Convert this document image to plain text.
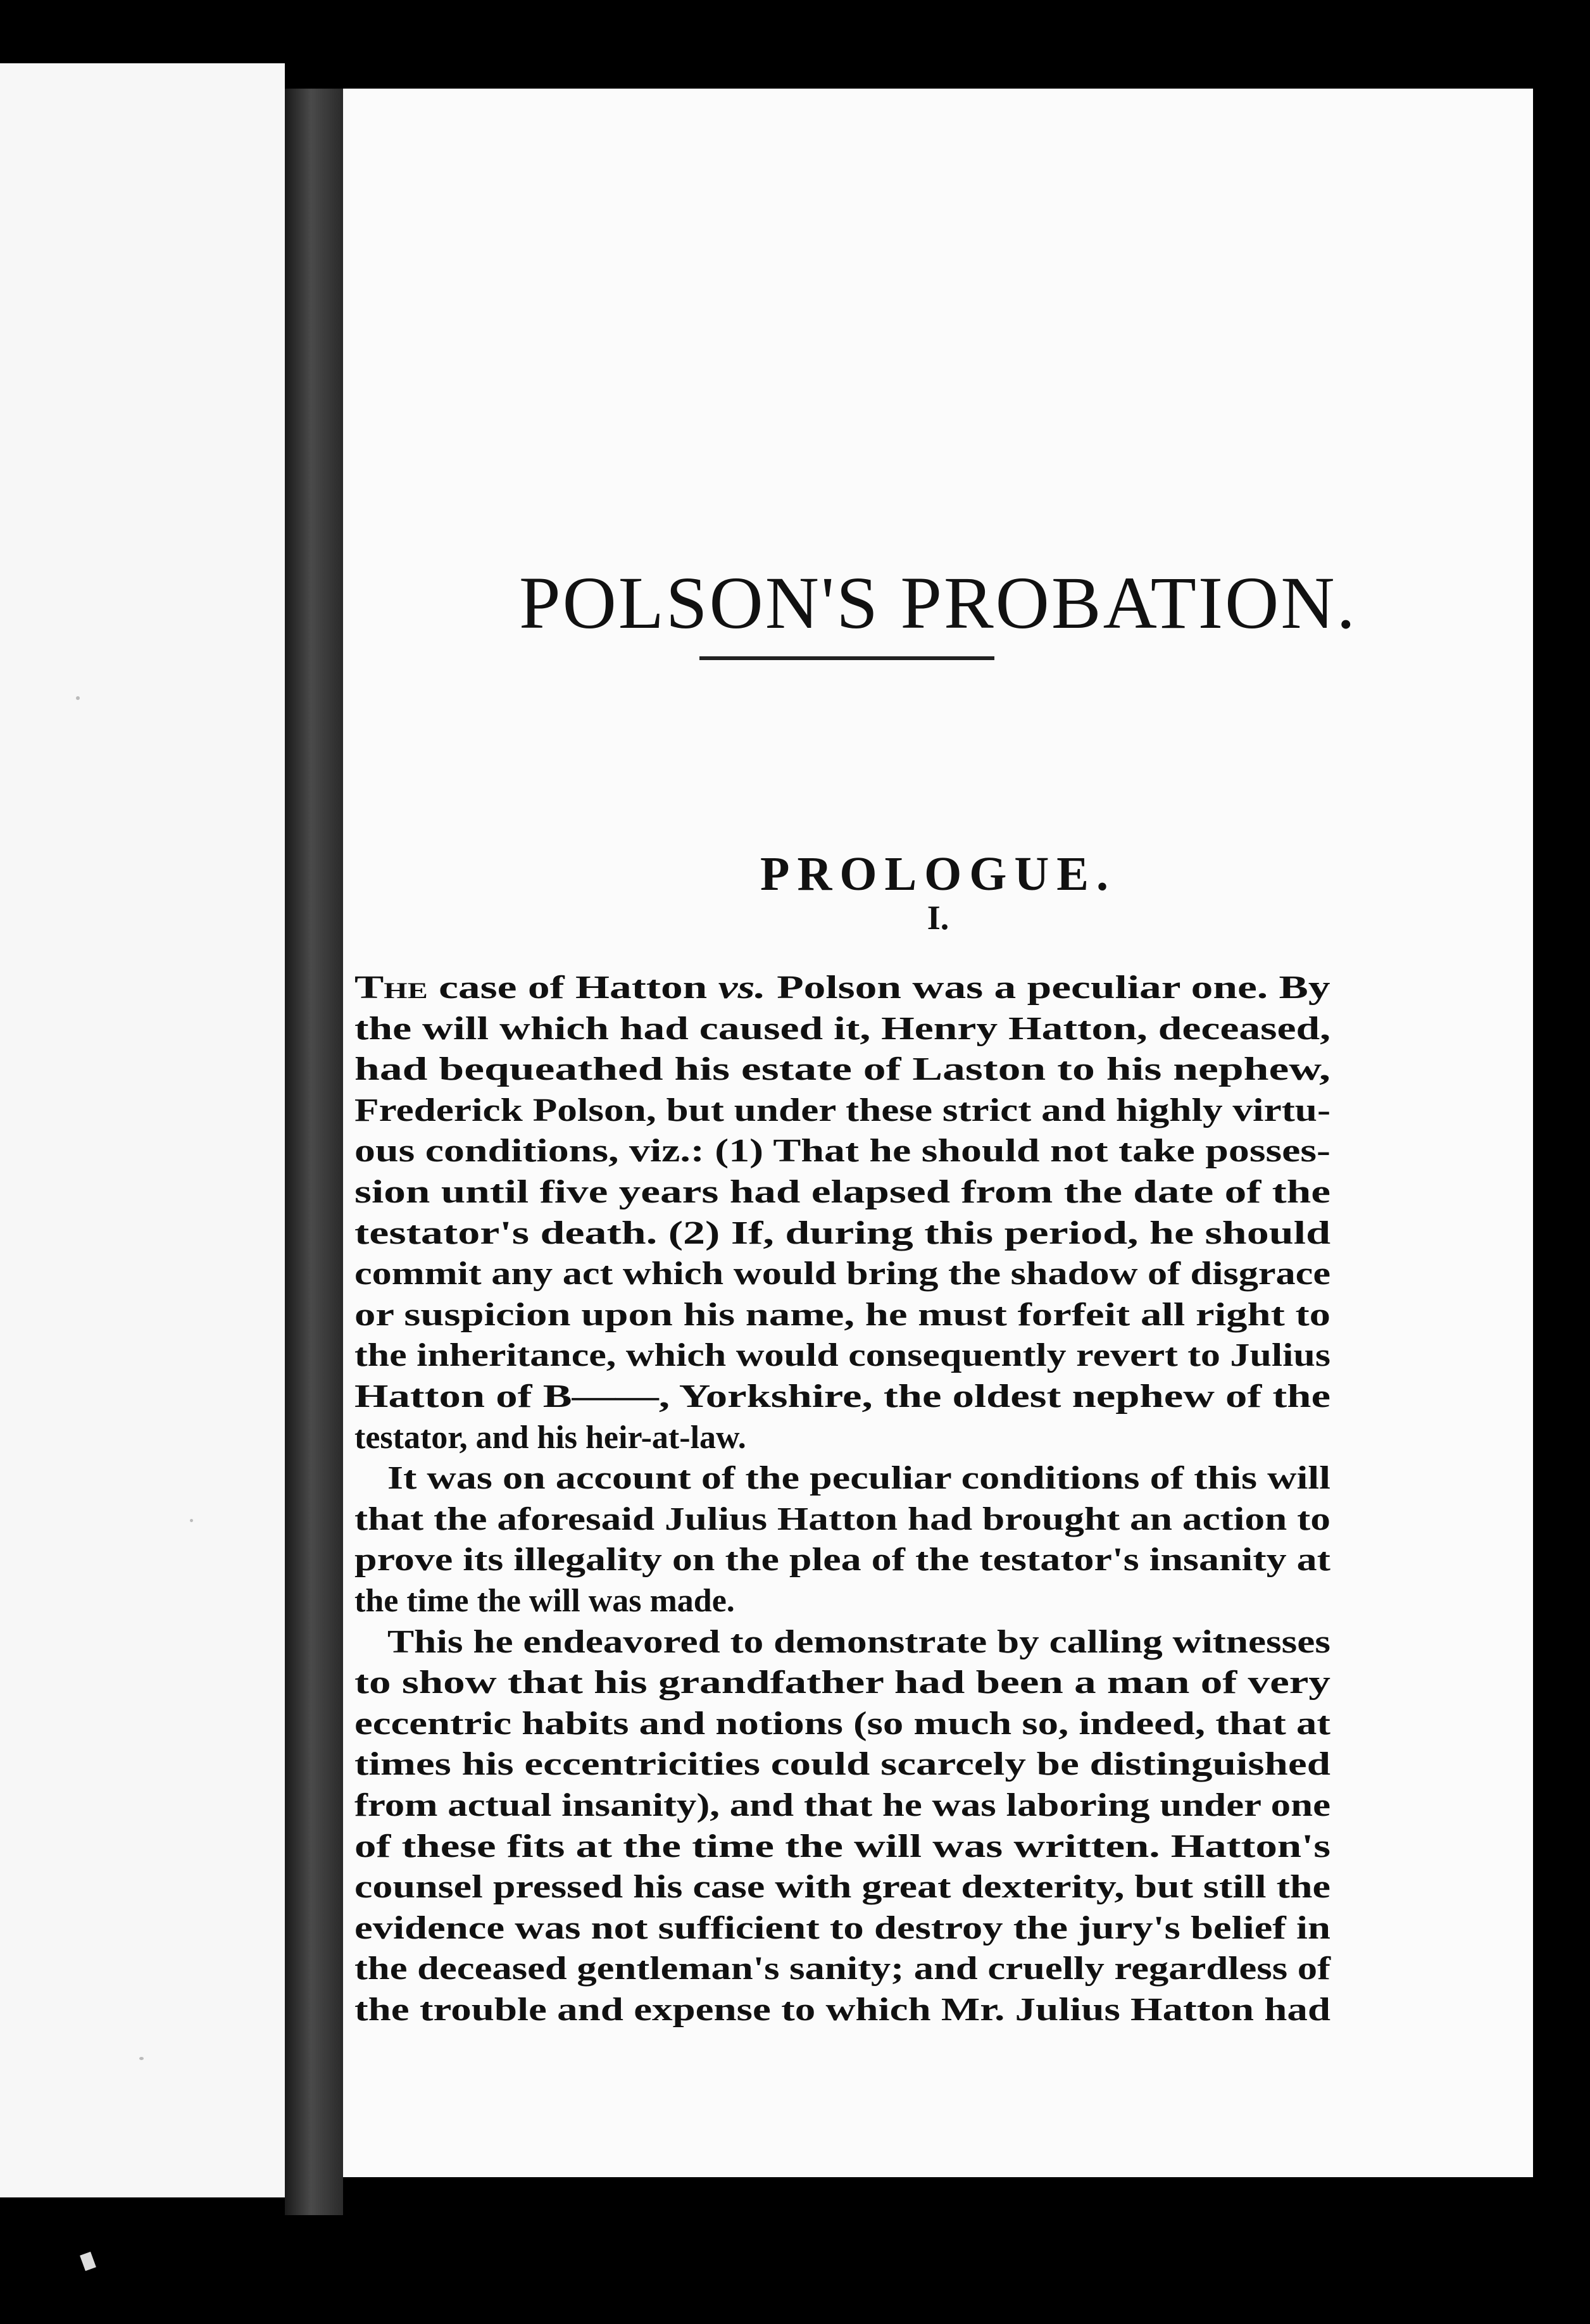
POLSON'S PROBATION.
PROLOGUE.
I.
The case of Hatton vs. Polson was a peculiar one. By
the will which had caused it, Henry Hatton, deceased,
had bequeathed his estate of Laston to his nephew,
Frederick Polson, but under these strict and highly virtu-
ous conditions, viz.: (1) That he should not take posses-
sion until five years had elapsed from the date of the
testator's death. (2) If, during this period, he should
commit any act which would bring the shadow of disgrace
or suspicion upon his name, he must forfeit all right to
the inheritance, which would consequently revert to Julius
Hatton of B——, Yorkshire, the oldest nephew of the
testator, and his heir-at-law.
It was on account of the peculiar conditions of this will
that the aforesaid Julius Hatton had brought an action to
prove its illegality on the plea of the testator's insanity at
the time the will was made.
This he endeavored to demonstrate by calling witnesses
to show that his grandfather had been a man of very
eccentric habits and notions (so much so, indeed, that at
times his eccentricities could scarcely be distinguished
from actual insanity), and that he was laboring under one
of these fits at the time the will was written. Hatton's
counsel pressed his case with great dexterity, but still the
evidence was not sufficient to destroy the jury's belief in
the deceased gentleman's sanity; and cruelly regardless of
the trouble and expense to which Mr. Julius Hatton had
